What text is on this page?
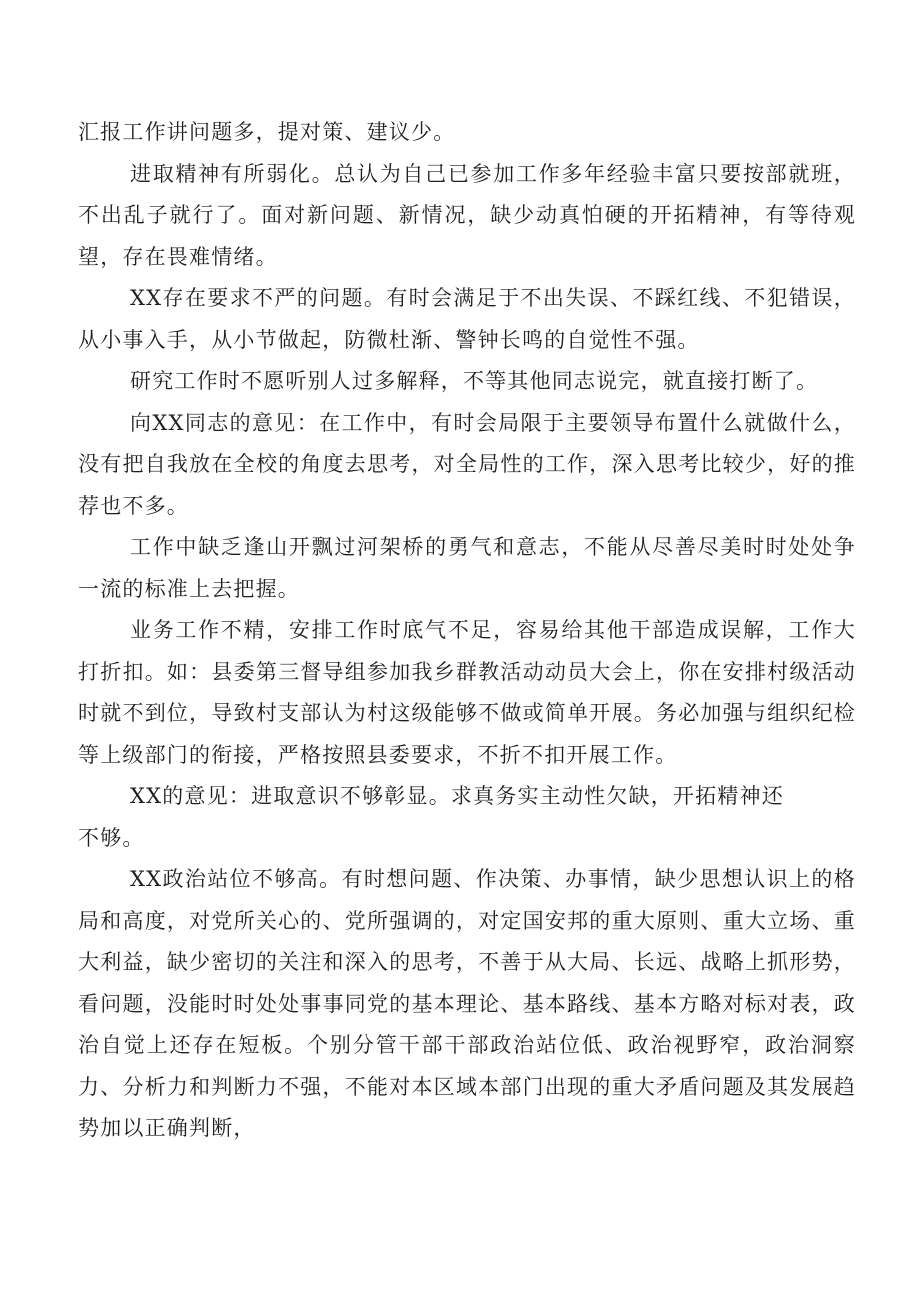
汇报工作讲问题多，提对策、建议少。

进取精神有所弱化。总认为自己已参加工作多年经验丰富只要按部就班，不出乱子就行了。面对新问题、新情况，缺少动真怕硬的开拓精神，有等待观望，存在畏难情绪。

XX存在要求不严的问题。有时会满足于不出失误、不踩红线、不犯错误，从小事入手，从小节做起，防微杜渐、警钟长鸣的自觉性不强。

研究工作时不愿听别人过多解释，不等其他同志说完，就直接打断了。

向XX同志的意见：在工作中，有时会局限于主要领导布置什么就做什么，没有把自我放在全校的角度去思考，对全局性的工作，深入思考比较少，好的推荐也不多。

工作中缺乏逢山开飘过河架桥的勇气和意志，不能从尽善尽美时时处处争一流的标准上去把握。

业务工作不精，安排工作时底气不足，容易给其他干部造成误解，工作大打折扣。如：县委第三督导组参加我乡群教活动动员大会上，你在安排村级活动时就不到位，导致村支部认为村这级能够不做或简单开展。务必加强与组织纪检等上级部门的衔接，严格按照县委要求，不折不扣开展工作。

XX的意见：进取意识不够彰显。求真务实主动性欠缺，开拓精神还

不够。

XX政治站位不够高。有时想问题、作决策、办事情，缺少思想认识上的格局和高度，对党所关心的、党所强调的，对定国安邦的重大原则、重大立场、重大利益，缺少密切的关注和深入的思考，不善于从大局、长远、战略上抓形势，看问题，没能时时处处事事同党的基本理论、基本路线、基本方略对标对表，政治自觉上还存在短板。个别分管干部干部政治站位低、政治视野窄，政治洞察力、分析力和判断力不强，不能对本区域本部门出现的重大矛盾问题及其发展趋势加以正确判断，
